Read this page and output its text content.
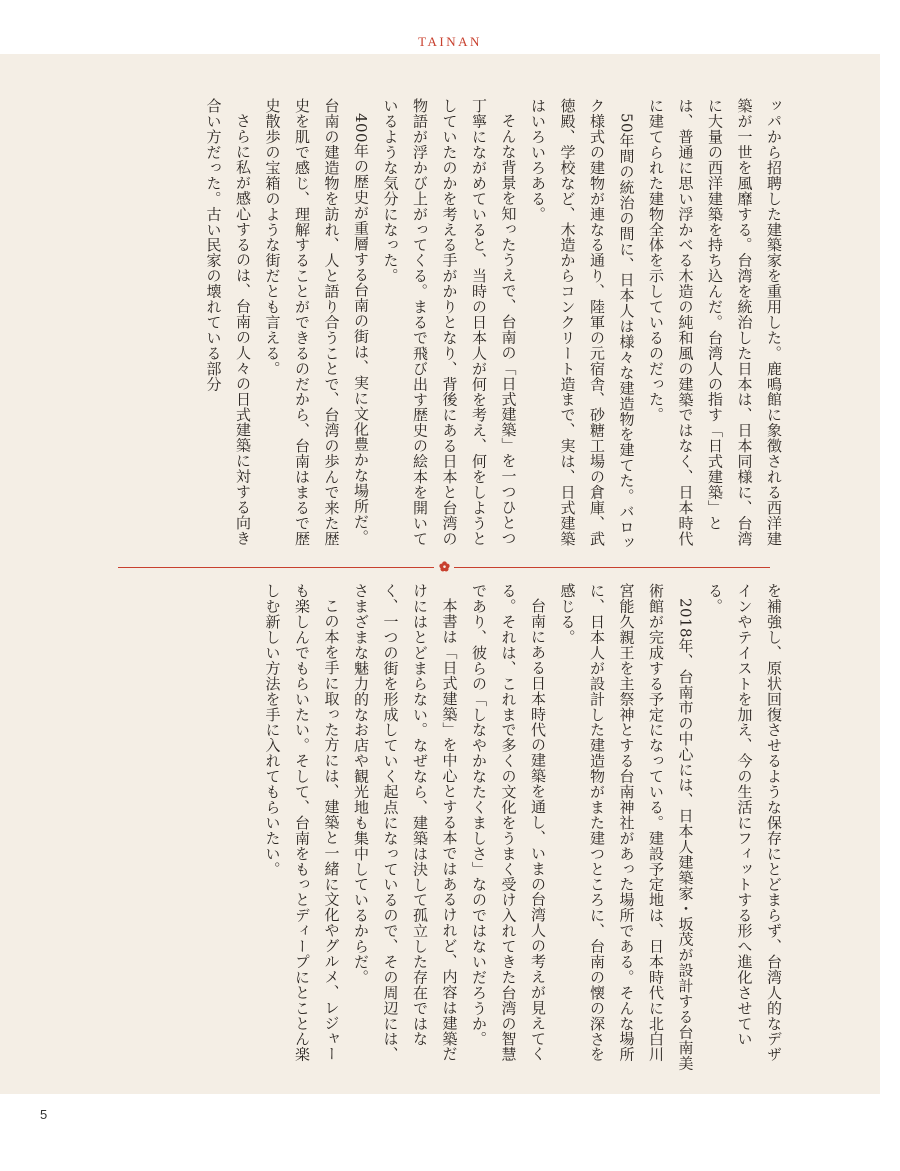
TAINAN

ッパから招聘した建築家を重用した。鹿鳴館に象徴される西洋建築が一世を風靡する。台湾を統治した日本は、日本同様に、台湾に大量の西洋建築を持ち込んだ。台湾人の指す「日式建築」とは、普通に思い浮かべる木造の純和風の建築ではなく、日本時代に建てられた建物全体を示しているのだった。

50年間の統治の間に、日本人は様々な建造物を建てた。バロック様式の建物が連なる通り、陸軍の元宿舎、砂糖工場の倉庫、武徳殿、学校など、木造からコンクリート造まで、実は、日式建築はいろいろある。

そんな背景を知ったうえで、台南の「日式建築」を一つひとつ丁寧にながめていると、当時の日本人が何を考え、何をしようとしていたのかを考える手がかりとなり、背後にある日本と台湾の物語が浮かび上がってくる。まるで飛び出す歴史の絵本を開いているような気分になった。

400年の歴史が重層する台南の街は、実に文化豊かな場所だ。台南の建造物を訪れ、人と語り合うことで、台湾の歩んで来た歴史を肌で感じ、理解することができるのだから、台南はまるで歴史散歩の宝箱のような街だとも言える。

さらに私が感心するのは、台南の人々の日式建築に対する向き合い方だった。古い民家の壊れている部分

を補強し、原状回復させるような保存にとどまらず、台湾人的なデザインやテイストを加え、今の生活にフィットする形へ進化させている。

2018年、台南市の中心には、日本人建築家・坂茂が設計する台南美術館が完成する予定になっている。建設予定地は、日本時代に北白川宮能久親王を主祭神とする台南神社があった場所である。そんな場所に、日本人が設計した建造物がまた建つところに、台南の懐の深さを感じる。

台南にある日本時代の建築を通し、いまの台湾人の考えが見えてくる。それは、これまで多くの文化をうまく受け入れてきた台湾の智慧であり、彼らの「しなやかなたくましさ」なのではないだろうか。

本書は「日式建築」を中心とする本ではあるけれど、内容は建築だけにはとどまらない。なぜなら、建築は決して孤立した存在ではなく、一つの街を形成していく起点になっているので、その周辺には、さまざまな魅力的なお店や観光地も集中しているからだ。

この本を手に取った方には、建築と一緒に文化やグルメ、レジャーも楽しんでもらいたい。そして、台南をもっとディープにとことん楽しむ新しい方法を手に入れてもらいたい。

5
